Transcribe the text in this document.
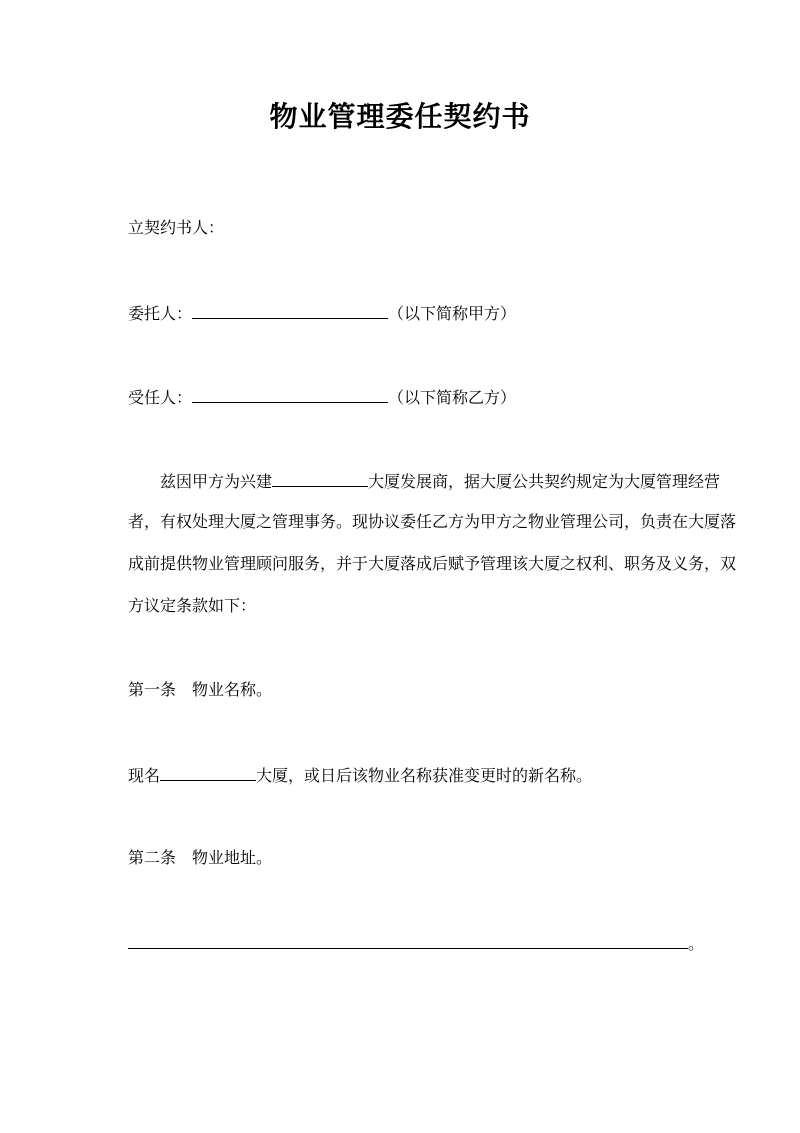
物业管理委任契约书
立契约书人：
委托人：	（以下简称甲方）
受任人：	（以下简称乙方）
兹因甲方为兴建	大厦发展商，据大厦公共契约规定为大厦管理经营
者，有权处理大厦之管理事务。现协议委任乙方为甲方之物业管理公司，负责在大厦落
成前提供物业管理顾问服务，并于大厦落成后赋予管理该大厦之权利、职务及义务，双
方议定条款如下：
第一条　物业名称。
现名	大厦，或日后该物业名称获准变更时的新名称。
第二条　物业地址。
。
